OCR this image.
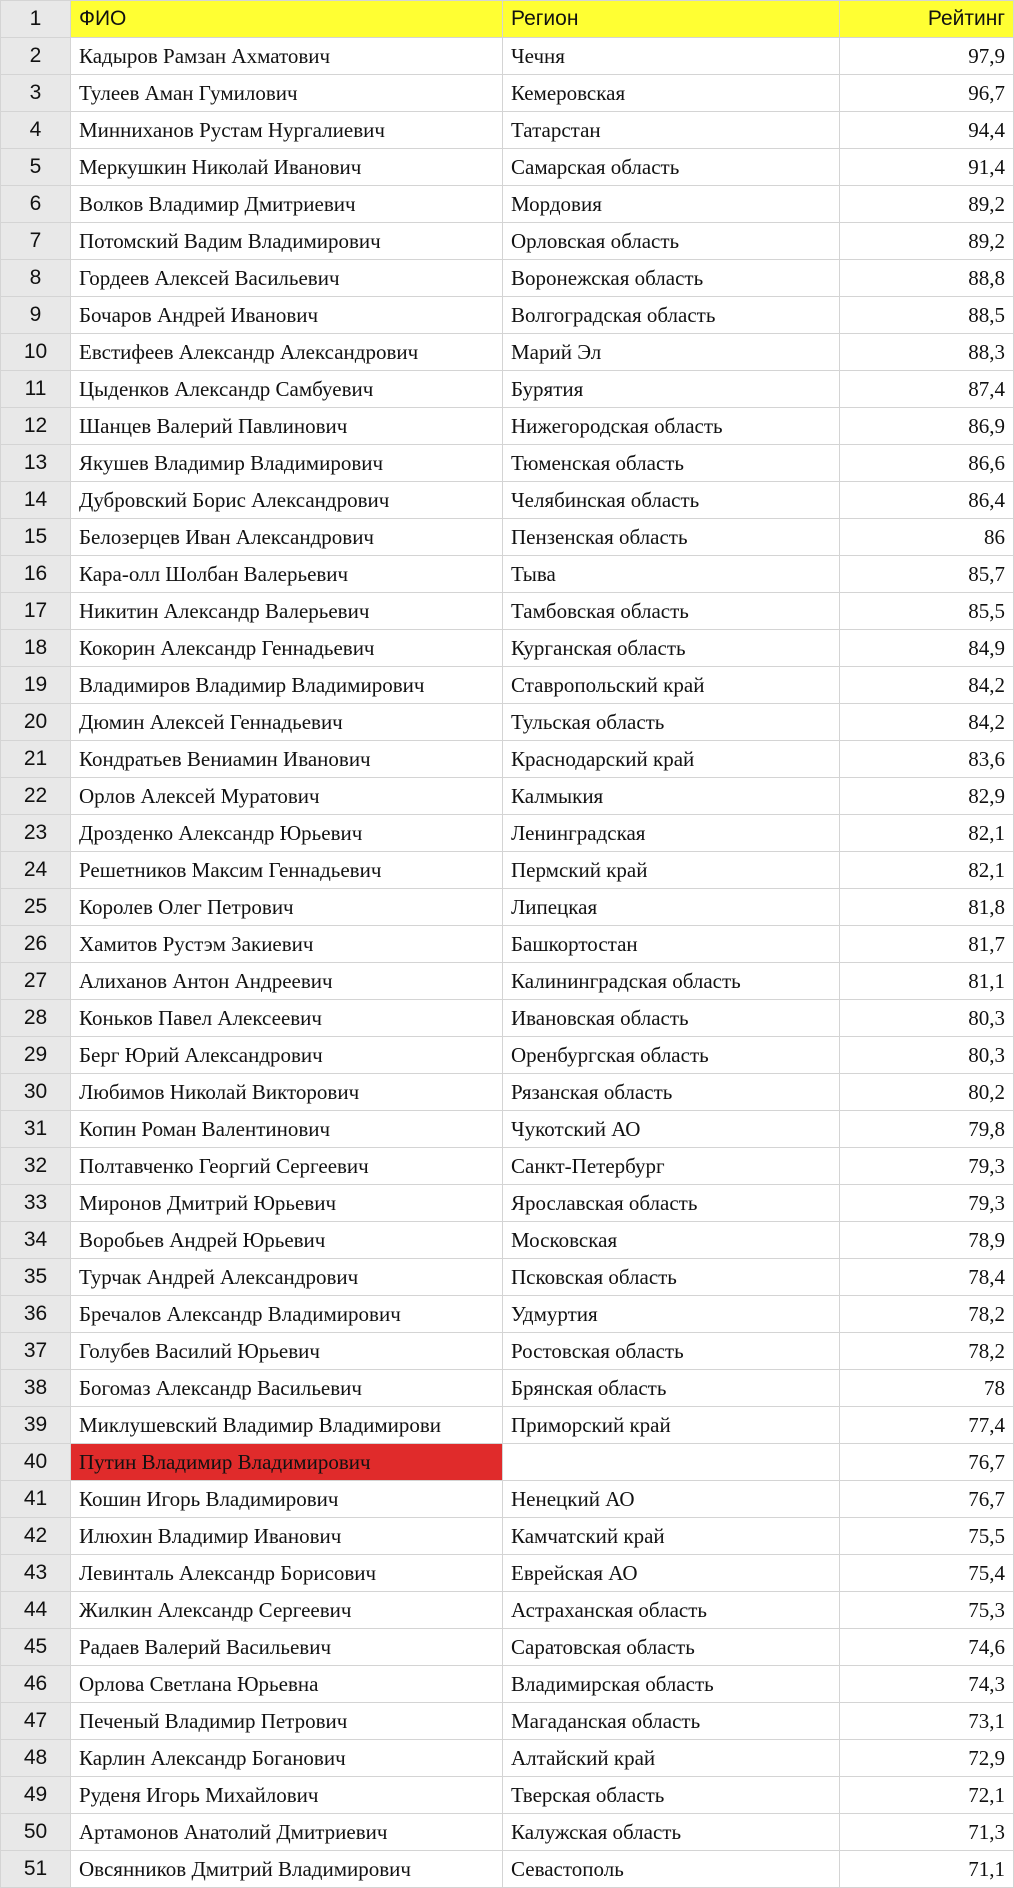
1	ФИО	Регион	Рейтинг
2	Кадыров Рамзан Ахматович	Чечня	97,9
3	Тулеев Аман Гумилович	Кемеровская	96,7
4	Минниханов Рустам Нургалиевич	Татарстан	94,4
5	Меркушкин Николай Иванович	Самарская область	91,4
6	Волков Владимир Дмитриевич	Мордовия	89,2
7	Потомский Вадим Владимирович	Орловская область	89,2
8	Гордеев Алексей Васильевич	Воронежская область	88,8
9	Бочаров Андрей Иванович	Волгоградская область	88,5
10	Евстифеев Александр Александрович	Марий Эл	88,3
11	Цыденков Александр Самбуевич	Бурятия	87,4
12	Шанцев Валерий Павлинович	Нижегородская область	86,9
13	Якушев Владимир Владимирович	Тюменская область	86,6
14	Дубровский Борис Александрович	Челябинская область	86,4
15	Белозерцев Иван Александрович	Пензенская область	86
16	Кара-олл Шолбан Валерьевич	Тыва	85,7
17	Никитин Александр Валерьевич	Тамбовская область	85,5
18	Кокорин Александр Геннадьевич	Курганская область	84,9
19	Владимиров Владимир Владимирович	Ставропольский край	84,2
20	Дюмин Алексей Геннадьевич	Тульская область	84,2
21	Кондратьев Вениамин Иванович	Краснодарский край	83,6
22	Орлов Алексей Муратович	Калмыкия	82,9
23	Дрозденко Александр Юрьевич	Ленинградская	82,1
24	Решетников Максим Геннадьевич	Пермский край	82,1
25	Королев Олег Петрович	Липецкая	81,8
26	Хамитов Рустэм Закиевич	Башкортостан	81,7
27	Алиханов Антон Андреевич	Калининградская область	81,1
28	Коньков Павел Алексеевич	Ивановская область	80,3
29	Берг Юрий Александрович	Оренбургская область	80,3
30	Любимов Николай Викторович	Рязанская область	80,2
31	Копин Роман Валентинович	Чукотский АО	79,8
32	Полтавченко Георгий Сергеевич	Санкт-Петербург	79,3
33	Миронов Дмитрий Юрьевич	Ярославская область	79,3
34	Воробьев Андрей Юрьевич	Московская	78,9
35	Турчак Андрей Александрович	Псковская область	78,4
36	Бречалов Александр Владимирович	Удмуртия	78,2
37	Голубев Василий Юрьевич	Ростовская область	78,2
38	Богомаз Александр Васильевич	Брянская область	78
39	Миклушевский Владимир Владимирови	Приморский край	77,4
40	Путин Владимир Владимирович		76,7
41	Кошин Игорь Владимирович	Ненецкий АО	76,7
42	Илюхин Владимир Иванович	Камчатский край	75,5
43	Левинталь Александр Борисович	Еврейская АО	75,4
44	Жилкин Александр Сергеевич	Астраханская область	75,3
45	Радаев Валерий Васильевич	Саратовская область	74,6
46	Орлова Светлана Юрьевна	Владимирская область	74,3
47	Печеный Владимир Петрович	Магаданская область	73,1
48	Карлин Александр Боганович	Алтайский край	72,9
49	Руденя Игорь Михайлович	Тверская область	72,1
50	Артамонов Анатолий Дмитриевич	Калужская область	71,3
51	Овсянников Дмитрий Владимирович	Севастополь	71,1
